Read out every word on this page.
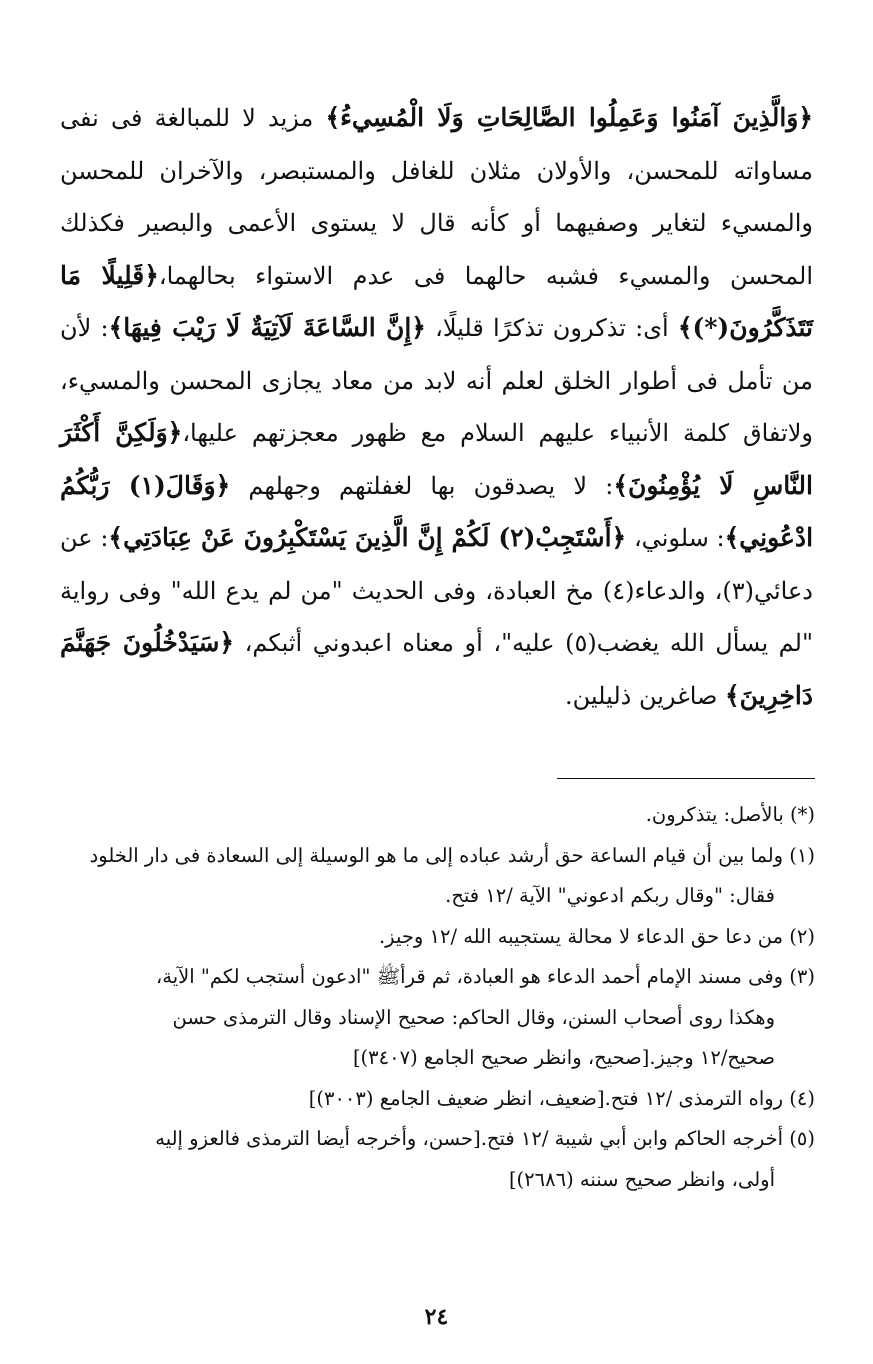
﴿وَالَّذِينَ آمَنُوا وَعَمِلُوا الصَّالِحَاتِ وَلَا الْمُسِيءُ﴾ مزيد لا للمبالغة فى نفى مساواته للمحسن، والأولان مثلان للغافل والمستبصر، والآخران للمحسن والمسيء لتغاير وصفيهما أو كأنه قال لا يستوى الأعمى والبصير فكذلك المحسن والمسيء فشبه حالهما فى عدم الاستواء بحالهما،﴿قَلِيلًا مَا تَتَذَكَّرُونَ(*)﴾ أى: تذكرون تذكرًا قليلًا، ﴿إِنَّ السَّاعَةَ لَآتِيَةٌ لَا رَيْبَ فِيهَا﴾: لأن من تأمل فى أطوار الخلق لعلم أنه لابد من معاد يجازى المحسن والمسيء، ولاتفاق كلمة الأنبياء عليهم السلام مع ظهور معجزتهم عليها،﴿وَلَكِنَّ أَكْثَرَ النَّاسِ لَا يُؤْمِنُونَ﴾: لا يصدقون بها لغفلتهم وجهلهم ﴿وَقَالَ(١) رَبُّكُمُ ادْعُونِي﴾: سلوني، ﴿أَسْتَجِبْ(٢) لَكُمْ إِنَّ الَّذِينَ يَسْتَكْبِرُونَ عَنْ عِبَادَتِي﴾: عن دعائي(٣)، والدعاء(٤) مخ العبادة، وفى الحديث "من لم يدع الله" وفى رواية "لم يسأل الله يغضب(٥) عليه"، أو معناه اعبدوني أثبكم، ﴿سَيَدْخُلُونَ جَهَنَّمَ دَاخِرِينَ﴾ صاغرين ذليلين.

(*) بالأصل: يتذكرون.

(١) ولما بين أن قيام الساعة حق أرشد عباده إلى ما هو الوسيلة إلى السعادة فى دار الخلود

فقال: "وقال ربكم ادعوني" الآية /١٢ فتح.

(٢) من دعا حق الدعاء لا محالة يستجيبه الله /١٢ وجيز.

(٣) وفى مسند الإمام أحمد الدعاء هو العبادة، ثم قرأﷺ "ادعون أستجب لكم" الآية،

وهكذا روى أصحاب السنن، وقال الحاكم: صحيح الإسناد وقال الترمذى حسن

صحيح/١٢ وجيز.[صحيح، وانظر صحيح الجامع (٣٤٠٧)]

(٤) رواه الترمذى /١٢ فتح.[ضعيف، انظر ضعيف الجامع (٣٠٠٣)]

(٥) أخرجه الحاكم وابن أبي شيبة /١٢ فتح.[حسن، وأخرجه أيضا الترمذى فالعزو إليه

أولى، وانظر صحيح سننه (٢٦٨٦)]

٢٤
